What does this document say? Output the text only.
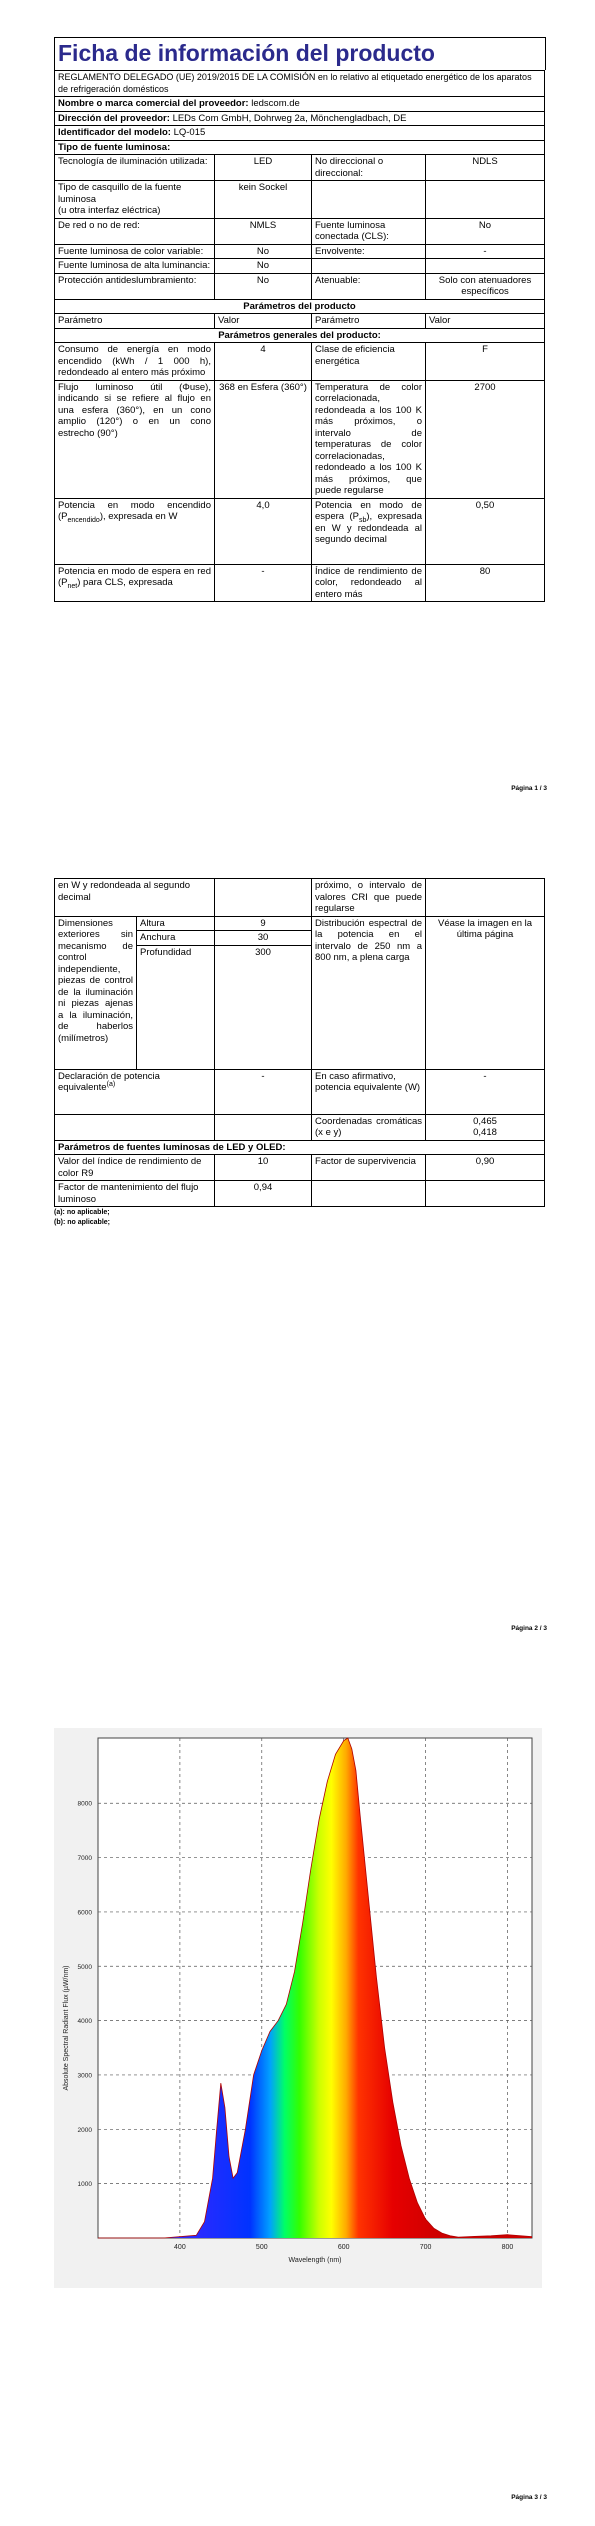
Ficha de información del producto
REGLAMENTO DELEGADO (UE) 2019/2015 DE LA COMISIÓN en lo relativo al etiquetado energético de los aparatos de refrigeración domésticos			
Nombre o marca comercial del proveedor: ledscom.de			
Dirección del proveedor: LEDs Com GmbH, Dohrweg 2a, Mönchengladbach, DE			
Identificador del modelo: LQ-015			
Tipo de fuente luminosa:			
Tecnología de iluminación utilizada:	LED	No direccional o direccional:	NDLS

Tipo de casquillo de la fuente luminosa
(u otra interfaz eléctrica)	kein Sockel		
De red o no de red:	NMLS	Fuente luminosa conectada (CLS):	No
Fuente luminosa de color variable:	No	Envolvente:	-
Fuente luminosa de alta luminancia:	No		
Protección antideslumbramiento:	No	Atenuable:	Solo con atenuadores específicos
Parámetros del producto			
Parámetro	Valor	Parámetro	Valor
Parámetros generales del producto:			
Consumo de energía en modo encendido (kWh / 1 000 h), redondeado al entero más próximo	4	Clase de eficiencia energética	F
Flujo luminoso útil (Φuse), indicando si se refiere al flujo en una esfera (360°), en un cono amplio (120°) o en un cono estrecho (90°)	368 en Esfera (360°)	Temperatura de color correlacionada, redondeada a los 100 K más próximos, o intervalo de temperaturas de color correlacionadas, redondeado a los 100 K más próximos, que puede regularse	2700
Potencia en modo encendido $(P_{encendido})$, expresada en W	4,0	Potencia en modo de espera $(P_{sb})$, expresada en W y redondeada al segundo decimal	0,50
Potencia en modo de espera en red $(P_{net})$ para CLS, expresada	-	Índice de rendimiento de color, redondeado al entero más	80
Página 1 / 3
en W y redondeada al segundo decimal			próximo, o intervalo de valores CRI que puede regularse	
Dimensiones exteriores sin mecanismo de control independiente, piezas de control de la iluminación ni piezas ajenas a la iluminación, de haberlos (milímetros)	Altura	9	Distribución espectral de la potencia en el intervalo de 250 nm a 800 nm, a plena carga	Véase la imagen en la última página
	Anchura	30		
	Profundidad	300		
Declaración de potencia equivalente$^{(a)}$		-	En caso afirmativo, potencia equivalente (W)	-
			Coordenadas cromáticas (x e y)	0,465
0,418

Parámetros de fuentes luminosas de LED y OLED:				
Valor del índice de rendimiento de color R9		10	Factor de supervivencia	0,90
Factor de mantenimiento del flujo luminoso		0,94		
(a): no aplicable;
(b): no aplicable;
Página 2 / 3
400	500	600	700	800
1000
2000
3000
4000
5000
6000
7000
8000
Wavelength (nm)
Absolute Spectral Radiant Flux (µW/nm)
Página 3 / 3
